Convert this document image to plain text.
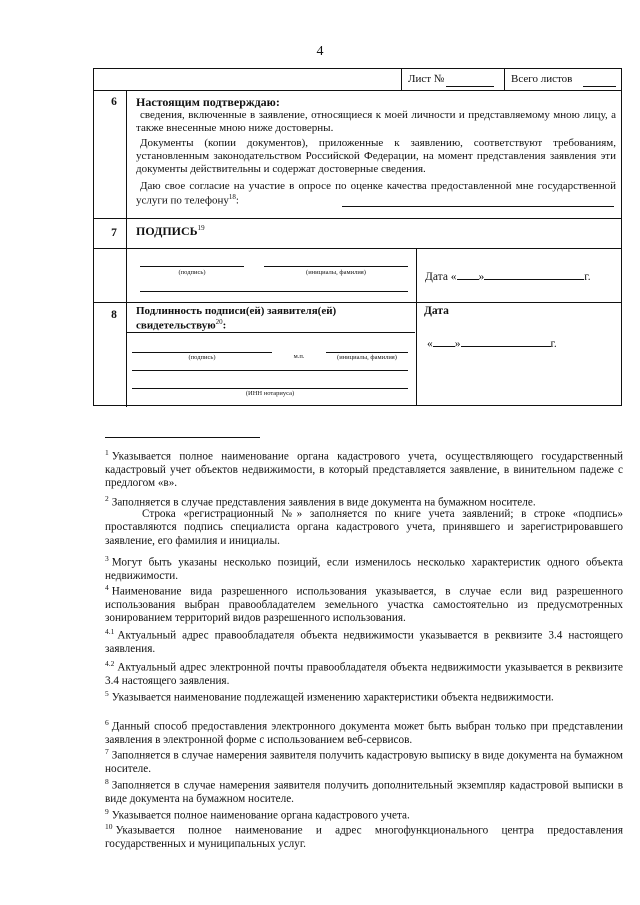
4
Лист №	Всего листов
6	Настоящим подтверждаю:
сведения, включенные в заявление, относящиеся к моей личности и представляемому мною лицу, а также внесенные мною ниже достоверны.
Документы (копии документов), приложенные к заявлению, соответствуют требованиям, установленным законодательством Российской Федерации, на момент представления заявления эти документы действительны и содержат достоверные сведения.
Даю свое согласие на участие в опросе по оценке качества предоставленной мне государственной услуги по телефону$^{18}$:
7	ПОДПИСЬ$^{19}$
(подпись)	(инициалы, фамилия)	Дата « »	г.
8	Подлинность подписи(ей) заявителя(ей)
свидетельствую$^{20}$:
Дата
« »	г.
(подпись)	м.п.	(инициалы, фамилия)
(ИНН нотариуса)
$^1$ Указывается полное наименование органа кадастрового учета, осуществляющего государственный кадастровый учет объектов недвижимости, в который представляется заявление, в винительном падеже с предлогом «в».
$^2$ Заполняется в случае представления заявления в виде документа на бумажном носителе.
Строка «регистрационный №» заполняется по книге учета заявлений; в строке «подпись» проставляются подпись специалиста органа кадастрового учета, принявшего и зарегистрировавшего заявление, его фамилия и инициалы.
$^3$ Могут быть указаны несколько позиций, если изменилось несколько характеристик одного объекта недвижимости.
$^4$ Наименование вида разрешенного использования указывается, в случае если вид разрешенного использования выбран правообладателем земельного участка самостоятельно из предусмотренных зонированием территорий видов разрешенного использования.
$^{4.1}$ Актуальный адрес правообладателя объекта недвижимости указывается в реквизите 3.4 настоящего заявления.
$^{4.2}$ Актуальный адрес электронной почты правообладателя объекта недвижимости указывается в реквизите 3.4 настоящего заявления.
$^5$ Указывается наименование подлежащей изменению характеристики объекта недвижимости.
$^6$ Данный способ предоставления электронного документа может быть выбран только при представлении заявления в электронной форме с использованием веб-сервисов.
$^7$ Заполняется в случае намерения заявителя получить кадастровую выписку в виде документа на бумажном носителе.
$^8$ Заполняется в случае намерения заявителя получить дополнительный экземпляр кадастровой выписки в виде документа на бумажном носителе.
$^9$ Указывается полное наименование органа кадастрового учета.
$^{10}$ Указывается полное наименование и адрес многофункционального центра предоставления государственных и муниципальных услуг.
